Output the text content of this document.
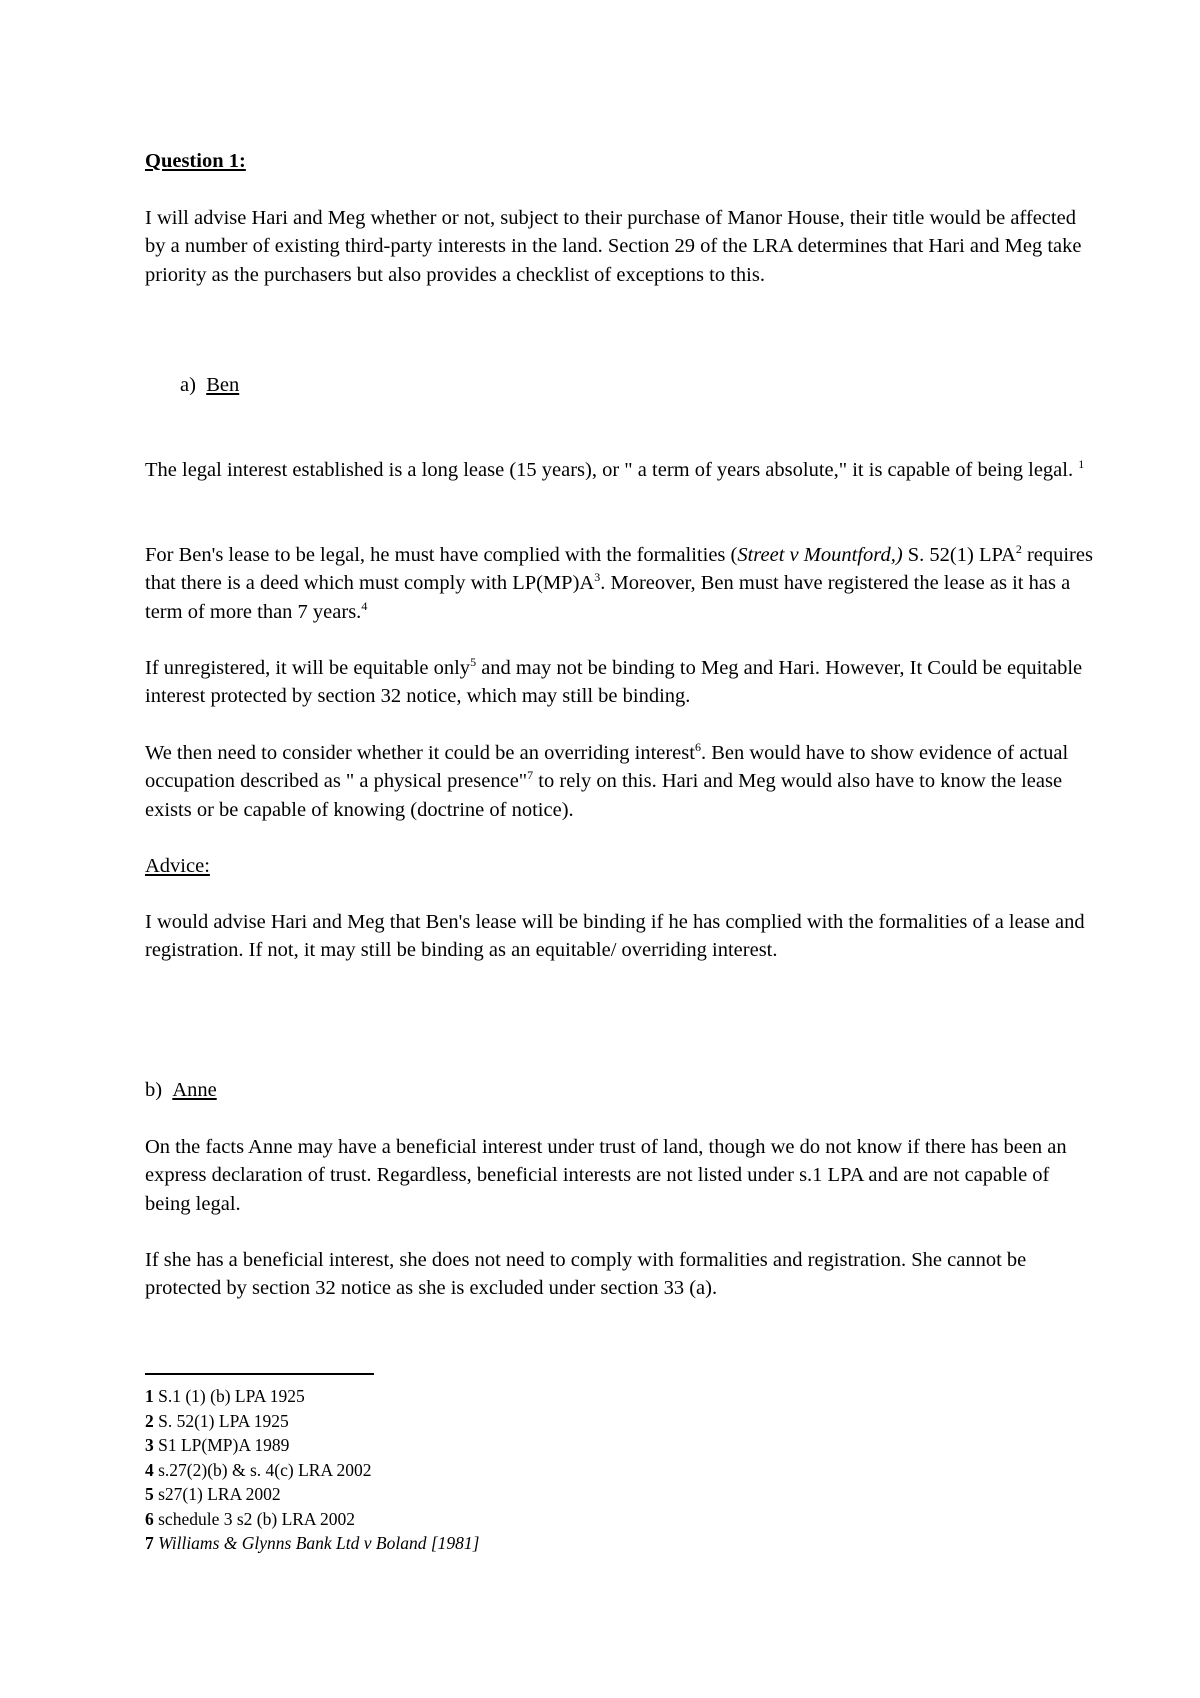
Question 1:

I will advise Hari and Meg whether or not, subject to their purchase of Manor House, their title would be affected by a number of existing third-party interests in the land. Section 29 of the LRA determines that Hari and Meg take priority as the purchasers but also provides a checklist of exceptions to this.

a) Ben

The legal interest established is a long lease (15 years), or " a term of years absolute," it is capable of being legal. $^1$

For Ben's lease to be legal, he must have complied with the formalities (Street v Mountford,) S. 52(1) LPA$^2$ requires that there is a deed which must comply with $LP(MP)A^3$. Moreover, Ben must have registered the lease as it has a term of more than 7 years.$^4$

If unregistered, it will be equitable only$^5$ and may not be binding to Meg and Hari. However, It Could be equitable interest protected by section 32 notice, which may still be binding.

We then need to consider whether it could be an overriding interest$^6$. Ben would have to show evidence of actual occupation described as " a physical presence"$^7$ to rely on this. Hari and Meg would also have to know the lease exists or be capable of knowing (doctrine of notice).

Advice:

I would advise Hari and Meg that Ben's lease will be binding if he has complied with the formalities of a lease and registration. If not, it may still be binding as an equitable/ overriding interest.

b) Anne

On the facts Anne may have a beneficial interest under trust of land, though we do not know if there has been an express declaration of trust. Regardless, beneficial interests are not listed under s.1 LPA and are not capable of being legal.

If she has a beneficial interest, she does not need to comply with formalities and registration. She cannot be protected by section 32 notice as she is excluded under section 33 (a).

1 S.1 (1) (b) LPA 1925
2 S. 52(1) LPA 1925
3 S1 LP(MP)A 1989
4 s.27(2)(b) & s. 4(c) LRA 2002
5 s27(1) LRA 2002
6 schedule 3 s2 (b) LRA 2002
7 Williams & Glynns Bank Ltd v Boland [1981]
